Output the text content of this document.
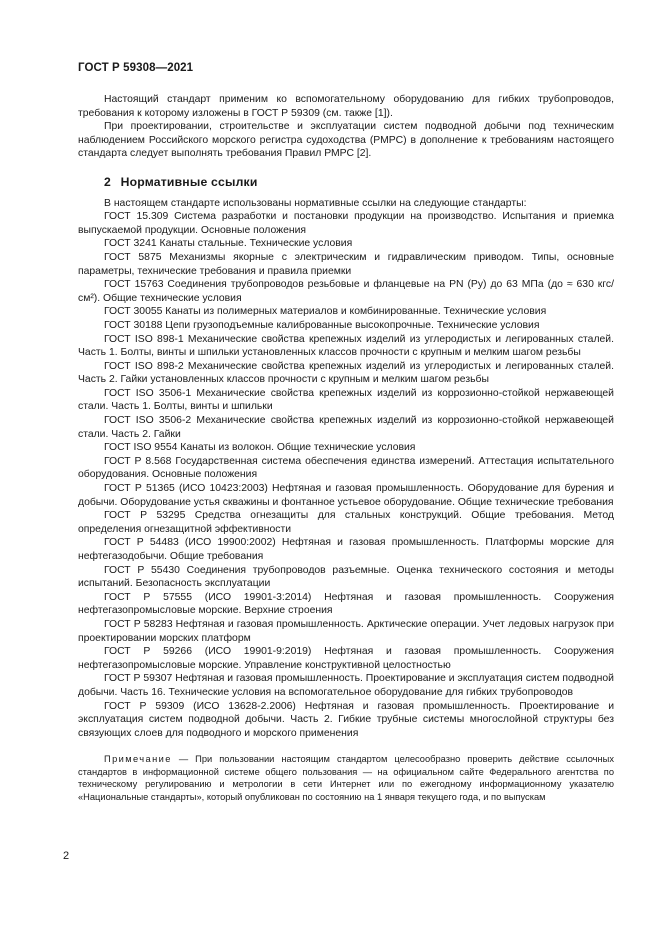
ГОСТ Р 59308—2021

Настоящий стандарт применим ко вспомогательному оборудованию для гибких трубопроводов, требования к которому изложены в ГОСТ Р 59309 (см. также [1]).

При проектировании, строительстве и эксплуатации систем подводной добычи под техническим наблюдением Российского морского регистра судоходства (РМРС) в дополнение к требованиям настоящего стандарта следует выполнять требования Правил РМРС [2].

2 Нормативные ссылки

В настоящем стандарте использованы нормативные ссылки на следующие стандарты:

ГОСТ 15.309 Система разработки и постановки продукции на производство. Испытания и приемка выпускаемой продукции. Основные положения
ГОСТ 3241 Канаты стальные. Технические условия
ГОСТ 5875 Механизмы якорные с электрическим и гидравлическим приводом. Типы, основные параметры, технические требования и правила приемки
ГОСТ 15763 Соединения трубопроводов резьбовые и фланцевые на PN (Py) до 63 МПа (до ≈ 630 кгс/см²). Общие технические условия
ГОСТ 30055 Канаты из полимерных материалов и комбинированные. Технические условия
ГОСТ 30188 Цепи грузоподъемные калиброванные высокопрочные. Технические условия
ГОСТ ISO 898-1 Механические свойства крепежных изделий из углеродистых и легированных сталей. Часть 1. Болты, винты и шпильки установленных классов прочности с крупным и мелким шагом резьбы
ГОСТ ISO 898-2 Механические свойства крепежных изделий из углеродистых и легированных сталей. Часть 2. Гайки установленных классов прочности с крупным и мелким шагом резьбы
ГОСТ ISO 3506-1 Механические свойства крепежных изделий из коррозионно-стойкой нержавеющей стали. Часть 1. Болты, винты и шпильки
ГОСТ ISO 3506-2 Механические свойства крепежных изделий из коррозионно-стойкой нержавеющей стали. Часть 2. Гайки
ГОСТ ISO 9554 Канаты из волокон. Общие технические условия
ГОСТ Р 8.568 Государственная система обеспечения единства измерений. Аттестация испытательного оборудования. Основные положения
ГОСТ Р 51365 (ИСО 10423:2003) Нефтяная и газовая промышленность. Оборудование для бурения и добычи. Оборудование устья скважины и фонтанное устьевое оборудование. Общие технические требования
ГОСТ Р 53295 Средства огнезащиты для стальных конструкций. Общие требования. Метод определения огнезащитной эффективности
ГОСТ Р 54483 (ИСО 19900:2002) Нефтяная и газовая промышленность. Платформы морские для нефтегазодобычи. Общие требования
ГОСТ Р 55430 Соединения трубопроводов разъемные. Оценка технического состояния и методы испытаний. Безопасность эксплуатации
ГОСТ Р 57555 (ИСО 19901-3:2014) Нефтяная и газовая промышленность. Сооружения нефтегазопромысловые морские. Верхние строения
ГОСТ Р 58283 Нефтяная и газовая промышленность. Арктические операции. Учет ледовых нагрузок при проектировании морских платформ
ГОСТ Р 59266 (ИСО 19901-9:2019) Нефтяная и газовая промышленность. Сооружения нефтегазопромысловые морские. Управление конструктивной целостностью
ГОСТ Р 59307 Нефтяная и газовая промышленность. Проектирование и эксплуатация систем подводной добычи. Часть 16. Технические условия на вспомогательное оборудование для гибких трубопроводов
ГОСТ Р 59309 (ИСО 13628-2.2006) Нефтяная и газовая промышленность. Проектирование и эксплуатация систем подводной добычи. Часть 2. Гибкие трубные системы многослойной структуры без связующих слоев для подводного и морского применения
Примечание — При пользовании настоящим стандартом целесообразно проверить действие ссылочных стандартов в информационной системе общего пользования — на официальном сайте Федерального агентства по техническому регулированию и метрологии в сети Интернет или по ежегодному информационному указателю «Национальные стандарты», который опубликован по состоянию на 1 января текущего года, и по выпускам
2
